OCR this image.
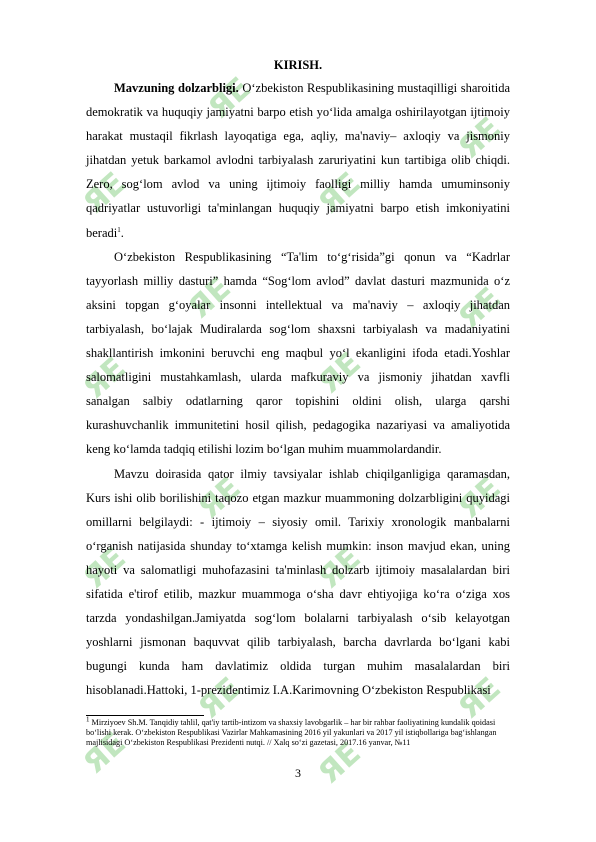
ЯЕ
ЯЕ
ЯЕ
ЯЕ
ЯЕ
ЯЕ
ЯЕ
ЯЕ
ЯЕ
ЯЕ
ЯЕ
ЯЕ
ЯЕ
ЯЕ
ЯЕ
ЯЕ
KIRISH.

Mavzuning dolzarbligi. O‘zbekiston Respublikasining mustaqilligi sharoitida demokratik va huquqiy jamiyatni barpo etish yo‘lida amalga oshirilayotgan ijtimoiy harakat mustaqil fikrlash layoqatiga ega, aqliy, ma'naviy– axloqiy va jismoniy jihatdan yetuk barkamol avlodni tarbiyalash zaruriyatini kun tartibiga olib chiqdi. Zero, sog‘lom avlod va uning ijtimoiy faolligi milliy hamda umuminsoniy qadriyatlar ustuvorligi ta'minlangan huquqiy jamiyatni barpo etish imkoniyatini beradi$^1$.

O‘zbekiston Respublikasining “Ta'lim to‘g‘risida”gi qonun va “Kadrlar tayyorlash milliy dasturi” hamda “Sog‘lom avlod” davlat dasturi mazmunida o‘z aksini topgan g‘oyalar insonni intellektual va ma'naviy – axloqiy jihatdan tarbiyalash, bo‘lajak Mudiralarda sog‘lom shaxsni tarbiyalash va madaniyatini shakllantirish imkonini beruvchi eng maqbul yo‘l ekanligini ifoda etadi.Yoshlar salomatligini mustahkamlash, ularda mafkuraviy va jismoniy jihatdan xavfli sanalgan salbiy odatlarning qaror topishini oldini olish, ularga qarshi kurashuvchanlik immunitetini hosil qilish, pedagogika nazariyasi va amaliyotida keng ko‘lamda tadqiq etilishi lozim bo‘lgan muhim muammolardandir.

Mavzu doirasida qator ilmiy tavsiyalar ishlab chiqilganligiga qaramasdan, Kurs ishi olib borilishini taqozo etgan mazkur muammoning dolzarbligini quyidagi omillarni belgilaydi: - ijtimoiy – siyosiy omil. Tarixiy xronologik manbalarni o‘rganish natijasida shunday to‘xtamga kelish mumkin: inson mavjud ekan, uning hayoti va salomatligi muhofazasini ta'minlash dolzarb ijtimoiy masalalardan biri sifatida e'tirof etilib, mazkur muammoga o‘sha davr ehtiyojiga ko‘ra o‘ziga xos tarzda yondashilgan.Jamiyatda sog‘lom bolalarni tarbiyalash o‘sib kelayotgan yoshlarni jismonan baquvvat qilib tarbiyalash, barcha davrlarda bo‘lgani kabi bugungi kunda ham davlatimiz oldida turgan muhim masalalardan biri hisoblanadi.Hattoki, 1-prezidentimiz I.A.Karimovning O‘zbekiston Respublikasi

$^1$ Mirziyoev Sh.M. Tanqidiy tahlil, qat'iy tartib-intizom va shaxsiy lavobgarlik – har bir rahbar faoliyatining kundalik qoidasi bo‘lishi kerak. O‘zbekiston Respublikasi Vazirlar Mahkamasining 2016 yil yakunlari va 2017 yil istiqbollariga bag‘ishlangan majlisidagi O‘zbekiston Respublikasi Prezidenti nutqi. // Xalq so‘zi gazetasi, 2017.16 yanvar, №11
3
